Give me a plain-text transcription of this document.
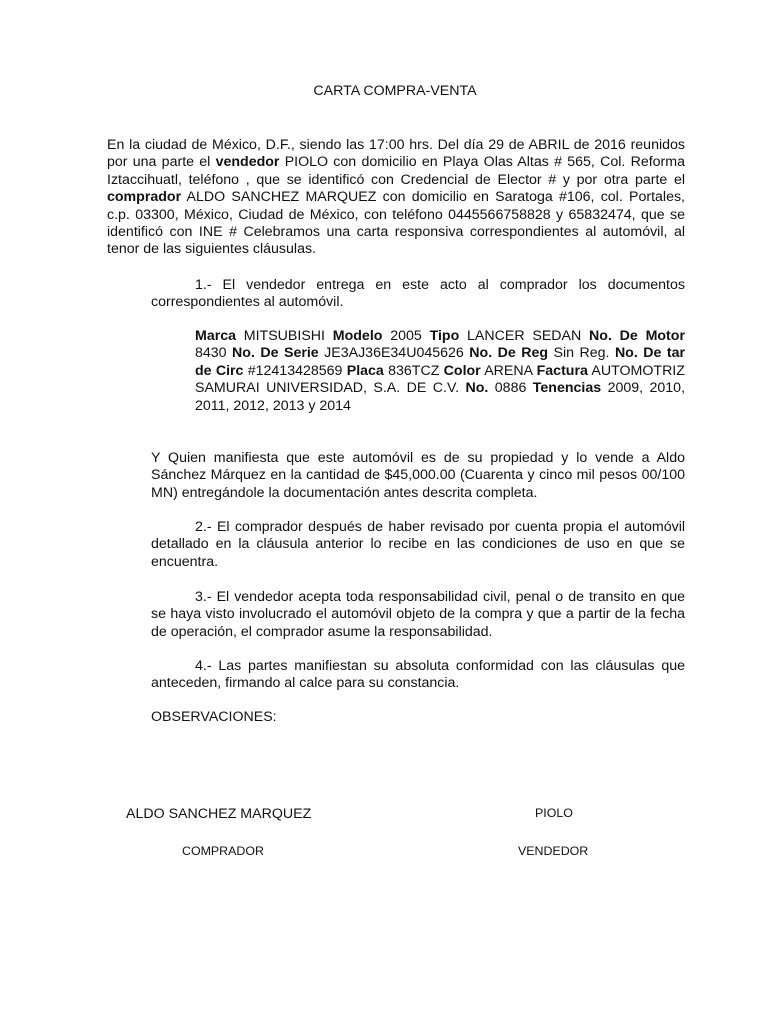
CARTA COMPRA-VENTA

En la ciudad de México, D.F., siendo las 17:00 hrs. Del día 29 de ABRIL de 2016 reunidos por una parte el vendedor PIOLO con domicilio en Playa Olas Altas # 565, Col. Reforma Iztaccihuatl, teléfono , que se identificó con Credencial de Elector # y por otra parte el comprador ALDO SANCHEZ MARQUEZ con domicilio en Saratoga #106, col. Portales, c.p. 03300, México, Ciudad de México, con teléfono 0445566758828 y 65832474, que se identificó con INE # Celebramos una carta responsiva correspondientes al automóvil, al tenor de las siguientes cláusulas.

1.- El vendedor entrega en este acto al comprador los documentos correspondientes al automóvil.

Marca MITSUBISHI Modelo 2005 Tipo LANCER SEDAN No. De Motor 8430 No. De Serie JE3AJ36E34U045626 No. De Reg Sin Reg. No. De tar de Circ #12413428569 Placa 836TCZ Color ARENA Factura AUTOMOTRIZ SAMURAI UNIVERSIDAD, S.A. DE C.V. No. 0886 Tenencias 2009, 2010, 2011, 2012, 2013 y 2014

Y Quien manifiesta que este automóvil es de su propiedad y lo vende a Aldo Sánchez Márquez en la cantidad de $45,000.00 (Cuarenta y cinco mil pesos 00/100 MN) entregándole la documentación antes descrita completa.

2.- El comprador después de haber revisado por cuenta propia el automóvil detallado en la cláusula anterior lo recibe en las condiciones de uso en que se encuentra.

3.- El vendedor acepta toda responsabilidad civil, penal o de transito en que se haya visto involucrado el automóvil objeto de la compra y que a partir de la fecha de operación, el comprador asume la responsabilidad.

4.- Las partes manifiestan su absoluta conformidad con las cláusulas que anteceden, firmando al calce para su constancia.

OBSERVACIONES:

ALDO SANCHEZ MARQUEZ	PIOLO

COMPRADOR	VENDEDOR
